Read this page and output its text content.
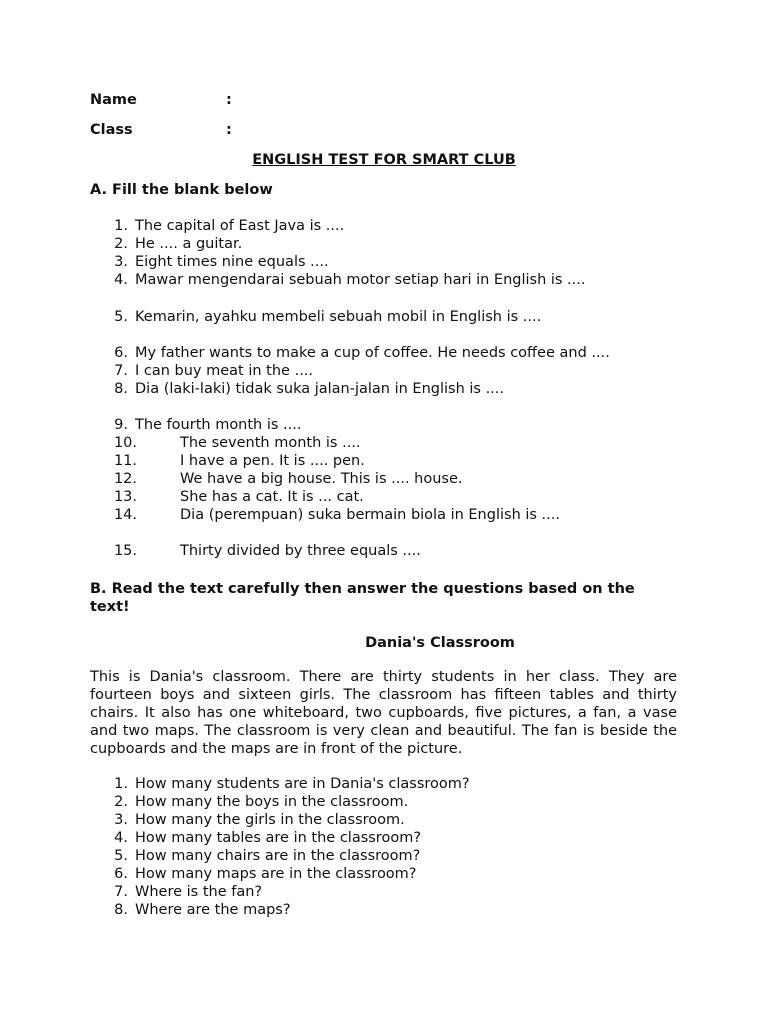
Name	:
Class	:
ENGLISH TEST FOR SMART CLUB
A. Fill the blank below
1. The capital of East Java is ....
2. He .... a guitar.
3. Eight times nine equals ....
4. Mawar mengendarai sebuah motor setiap hari in English is ....
5. Kemarin, ayahku membeli sebuah mobil in English is ....
6. My father wants to make a cup of coffee. He needs coffee and ....
7. I can buy meat in the ....
8. Dia (laki-laki) tidak suka jalan-jalan in English is ....
9. The fourth month is ....
10.	The seventh month is ....
11.	I have a pen. It is .... pen.
12.	We have a big house. This is .... house.
13.	She has a cat. It is ... cat.
14.	Dia (perempuan) suka bermain biola in English is ....
15.	Thirty divided by three equals ....
B. Read the text carefully then answer the questions based on the text!
Dania's Classroom
This is Dania's classroom. There are thirty students in her class. They are fourteen boys and sixteen girls. The classroom has fifteen tables and thirty chairs. It also has one whiteboard, two cupboards, five pictures, a fan, a vase and two maps. The classroom is very clean and beautiful. The fan is beside the cupboards and the maps are in front of the picture.
1. How many students are in Dania's classroom?
2. How many the boys in the classroom.
3. How many the girls in the classroom.
4. How many tables are in the classroom?
5. How many chairs are in the classroom?
6. How many maps are in the classroom?
7. Where is the fan?
8. Where are the maps?
